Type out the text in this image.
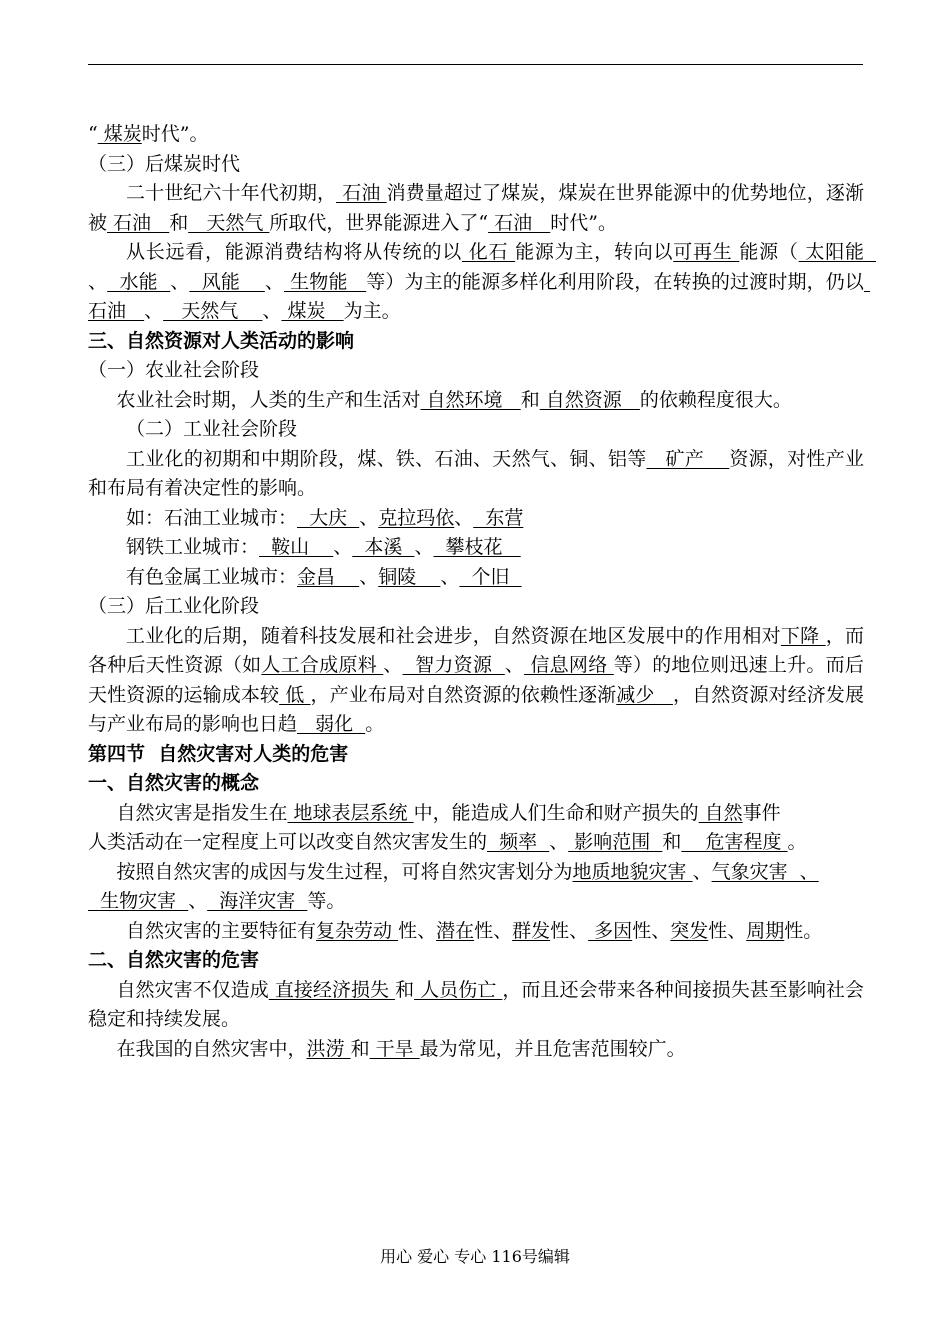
“ 煤炭时代”。

（三）后煤炭时代

二十世纪六十年代初期， 石油 消费量超过了煤炭，煤炭在世界能源中的优势地位，逐渐被 石油   和   天然气 所取代，世界能源进入了“ 石油   时代”。

从长远看，能源消费结构将从传统的以 化石 能源为主，转向以可再生 能源（ 太阳能  、  水能  、  风能    、 生物能   等）为主的能源多样化利用阶段，在转换的过渡时期，仍以 石油   、   天然气    、 煤炭   为主。

三、自然资源对人类活动的影响

（一）农业社会阶段

农业社会时期，人类的生产和生活对 自然环境   和 自然资源   的依赖程度很大。

（二）工业社会阶段

工业化的初期和中期阶段，煤、铁、石油、天然气、铜、铝等   矿产    资源，对性产业和布局有着决定性的影响。

如：石油工业城市：  大庆  、克拉玛依、  东营

钢铁工业城市：  鞍山    、  本溪  、  攀枝花

有色金属工业城市：金昌    、铜陵    、  个旧

（三）后工业化阶段

工业化的后期，随着科技发展和社会进步，自然资源在地区发展中的作用相对下降 ，而各种后天性资源（如人工合成原料 、  智力资源  、 信息网络 等）的地位则迅速上升。而后天性资源的运输成本较 低 ，产业布局对自然资源的依赖性逐渐减少   ，自然资源对经济发展与产业布局的影响也日趋   弱化  。

第四节  自然灾害对人类的危害

一、自然灾害的概念

自然灾害是指发生在 地球表层系统 中，能造成人们生命和财产损失的 自然事件

人类活动在一定程度上可以改变自然灾害发生的  频率  、 影响范围  和    危害程度 。

按照自然灾害的成因与发生过程，可将自然灾害划分为地质地貌灾害 、气象灾害  、

生物灾害  、  海洋灾害  等。

自然灾害的主要特征有复杂劳动 性、潜在性、群发性、 多因性、突发性、周期性。

二、自然灾害的危害

自然灾害不仅造成 直接经济损失 和 人员伤亡 ，而且还会带来各种间接损失甚至影响社会稳定和持续发展。

在我国的自然灾害中，洪涝 和 干旱 最为常见，并且危害范围较广。

用心 爱心 专心 116号编辑
